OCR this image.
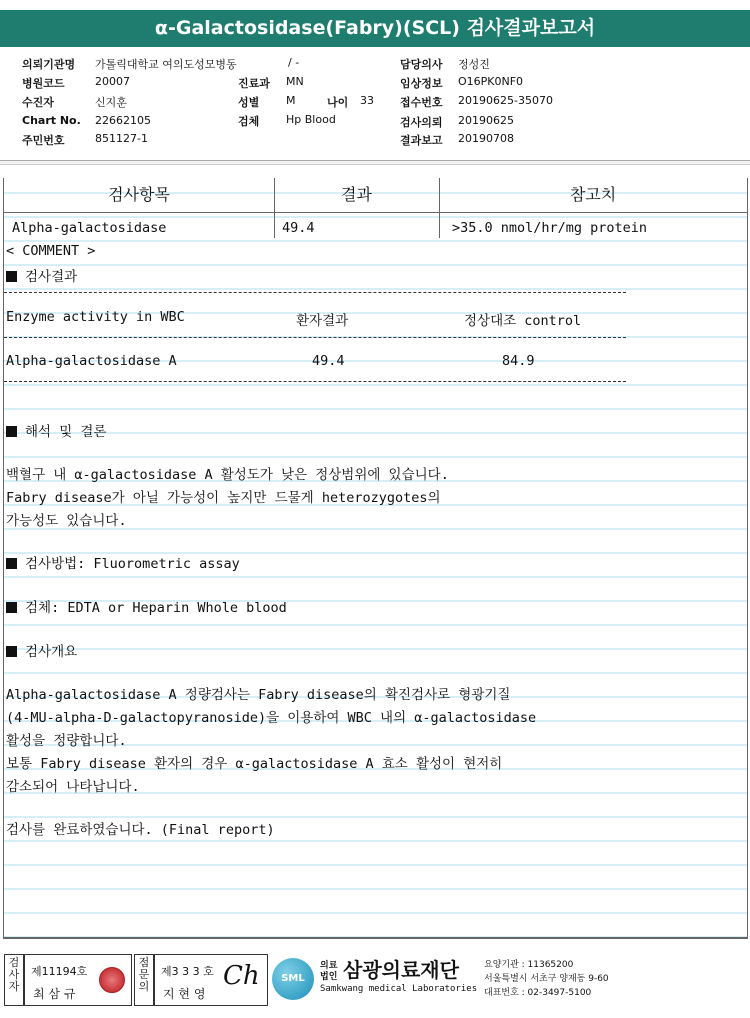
α-Galactosidase(Fabry)(SCL) 검사결과보고서
의뢰기관명 가톨릭대학교 여의도성모병동	/ -	담당의사 정성진
병원코드	20007	진료과 MN	임상정보 O16PK0NF0
수진자	신지훈	성별 M	나이 33 접수번호 20190625-35070
Chart No. 22662105	검체 Hp Blood	검사의뢰 20190625
주민번호	851127-1	결과보고 20190708
검사항목	결과	참고치
Alpha-galactosidase	49.4	>35.0 nmol/hr/mg protein
< COMMENT >
검사결과
Enzyme activity in WBC	환자결과	정상대조 control
Alpha-galactosidase A	49.4	84.9
해석 및 결론
백혈구 내 α-galactosidase A 활성도가 낮은 정상범위에 있습니다.
Fabry disease가 아닐 가능성이 높지만 드물게 heterozygotes의
가능성도 있습니다.
검사방법: Fluorometric assay
검체: EDTA or Heparin Whole blood
검사개요
Alpha-galactosidase A 정량검사는 Fabry disease의 확진검사로 형광기질
(4-MU-alpha-D-galactopyranoside)을 이용하여 WBC 내의 α-galactosidase
활성을 정량합니다.
보통 Fabry disease 환자의 경우 α-galactosidase A 효소 활성이 현저히
감소되어 나타납니다.
검사를 완료하였습니다. (Final report)
검사자
제11194호
최 삼 규
점문의
제3 3 3 호
지 현 영
Ch	SML
의료
법인 삼광의료재단
Samkwang medical Laboratories
요양기관 : 11365200
서울특별시 서초구 양재동 9-60
대표번호 : 02-3497-5100
